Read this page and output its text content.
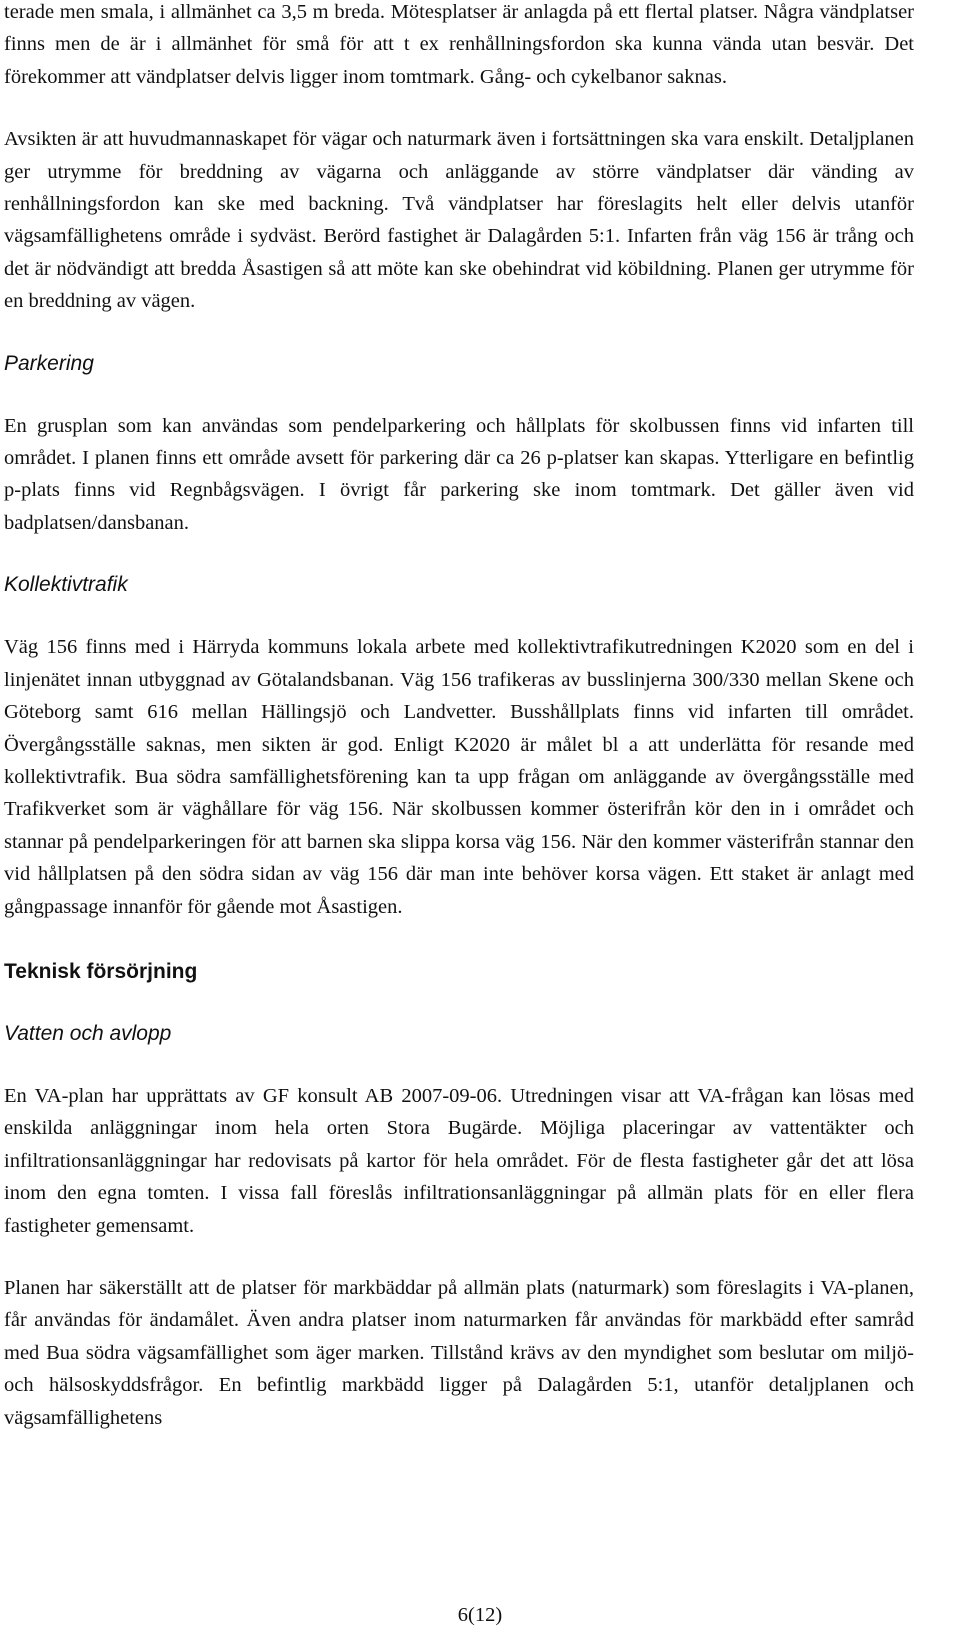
terade men smala, i allmänhet ca 3,5 m breda. Mötesplatser är anlagda på ett flertal platser. Några vändplatser finns men de är i allmänhet för små för att t ex renhållningsfordon ska kunna vända utan besvär. Det förekommer att vändplatser delvis ligger inom tomtmark. Gång- och cykelbanor saknas.

Avsikten är att huvudmannaskapet för vägar och naturmark även i fortsättningen ska vara enskilt. Detaljplanen ger utrymme för breddning av vägarna och anläggande av större vändplatser där vänding av renhållningsfordon kan ske med backning. Två vändplatser har föreslagits helt eller delvis utanför vägsamfällighetens område i sydväst. Berörd fastighet är Dalagården 5:1. Infarten från väg 156 är trång och det är nödvändigt att bredda Åsastigen så att möte kan ske obehindrat vid köbildning. Planen ger utrymme för en breddning av vägen.

Parkering

En grusplan som kan användas som pendelparkering och hållplats för skolbussen finns vid infarten till området. I planen finns ett område avsett för parkering där ca 26 p-platser kan skapas. Ytterligare en befintlig p-plats finns vid Regnbågsvägen. I övrigt får parkering ske inom tomtmark. Det gäller även vid badplatsen/dansbanan.

Kollektivtrafik

Väg 156 finns med i Härryda kommuns lokala arbete med kollektivtrafikutredningen K2020 som en del i linjenätet innan utbyggnad av Götalandsbanan. Väg 156 trafikeras av busslinjerna 300/330 mellan Skene och Göteborg samt 616 mellan Hällingsjö och Landvetter. Busshållplats finns vid infarten till området. Övergångsställe saknas, men sikten är god. Enligt K2020 är målet bl a att underlätta för resande med kollektivtrafik. Bua södra samfällighetsförening kan ta upp frågan om anläggande av övergångsställe med Trafikverket som är väghållare för väg 156. När skolbussen kommer österifrån kör den in i området och stannar på pendelparkeringen för att barnen ska slippa korsa väg 156. När den kommer västerifrån stannar den vid hållplatsen på den södra sidan av väg 156 där man inte behöver korsa vägen. Ett staket är anlagt med gångpassage innanför för gående mot Åsastigen.

Teknisk försörjning
Vatten och avlopp

En VA-plan har upprättats av GF konsult AB 2007-09-06. Utredningen visar att VA-frågan kan lösas med enskilda anläggningar inom hela orten Stora Bugärde. Möjliga placeringar av vattentäkter och infiltrationsanläggningar har redovisats på kartor för hela området. För de flesta fastigheter går det att lösa inom den egna tomten. I vissa fall föreslås infiltrationsanläggningar på allmän plats för en eller flera fastigheter gemensamt.

Planen har säkerställt att de platser för markbäddar på allmän plats (naturmark) som föreslagits i VA-planen, får användas för ändamålet. Även andra platser inom naturmarken får användas för markbädd efter samråd med Bua södra vägsamfällighet som äger marken. Tillstånd krävs av den myndighet som beslutar om miljö- och hälsoskyddsfrågor. En befintlig markbädd ligger på Dalagården 5:1, utanför detaljplanen och vägsamfällighetens

6(12)
